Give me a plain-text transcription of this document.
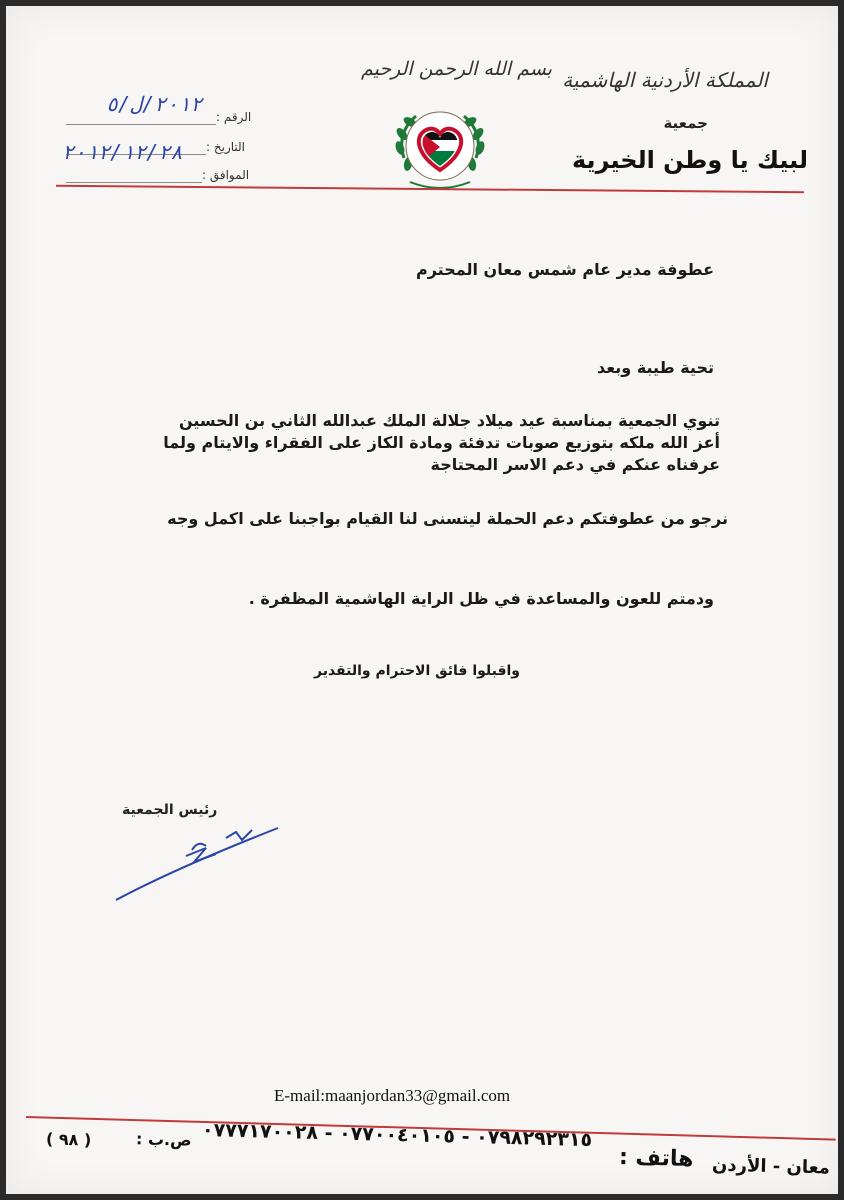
المملكة الأردنية الهاشمية
جمعية
لبيك يا وطن الخيرية
بسم الله الرحمن الرحيم
الرقم :
٢٠١٢/ل/٥
التاريخ :
الموافق :
٢٠١٢/١٢/٢٨
عطوفة مدير عام شمس معان المحترم
تحية طيبة وبعد
تنوي الجمعية بمناسبة عيد ميلاد جلالة الملك عبدالله الثاني بن الحسين
أعز الله ملكه بتوزيع صوبات تدفئة ومادة الكاز على الفقراء والايتام ولما
عرفناه عنكم في دعم الاسر المحتاجة
نرجو من عطوفتكم دعم الحملة ليتسنى لنا القيام بواجبنا على اكمل وجه
ودمتم للعون والمساعدة في ظل الراية الهاشمية المظفرة .
واقبلوا فائق الاحترام والتقدير
رئيس الجمعية
E-mail:maanjordan33@gmail.com
معان - الأردن
هاتف :
٠٧٩٨٢٩٢٣١٥ - ٠٧٧٠٠٤٠١٠٥ - ٠٧٧٧١٧٠٠٢٨
ص.ب :
( ٩٨ )
